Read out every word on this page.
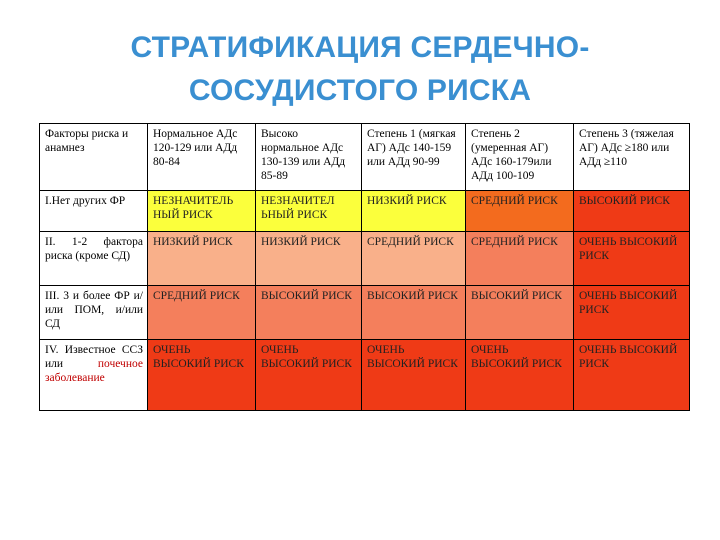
СТРАТИФИКАЦИЯ СЕРДЕЧНО-
СОСУДИСТОГО РИСКА
Факторы риска и анамнез	Нормальное АДс 120-129 или АДд 80-84	Высоко нормальное АДс 130-139 или АДд 85-89	Степень 1 (мягкая АГ) АДс 140-159 или АДд 90-99	Степень 2 (умеренная АГ) АДс 160-179или АДд 100-109	Степень 3 (тяжелая АГ) АДс ≥180 или АДд ≥110
I.Нет других ФР	НЕЗНАЧИТЕЛЬ НЫЙ РИСК	НЕЗНАЧИТЕЛ ЬНЫЙ РИСК	НИЗКИЙ РИСК	СРЕДНИЙ РИСК	ВЫСОКИЙ РИСК
II. 1-2 фактора риска (кроме СД)	НИЗКИЙ РИСК	НИЗКИЙ РИСК	СРЕДНИЙ РИСК	СРЕДНИЙ РИСК	ОЧЕНЬ ВЫСОКИЙ РИСК
III. 3 и более ФР и/или ПОМ, и/или СД	СРЕДНИЙ РИСК	ВЫСОКИЙ РИСК	ВЫСОКИЙ РИСК	ВЫСОКИЙ РИСК	ОЧЕНЬ ВЫСОКИЙ РИСК
IV. Известное ССЗ или почечное заболевание	ОЧЕНЬ ВЫСОКИЙ РИСК	ОЧЕНЬ ВЫСОКИЙ РИСК	ОЧЕНЬ ВЫСОКИЙ РИСК	ОЧЕНЬ ВЫСОКИЙ РИСК	ОЧЕНЬ ВЫСОКИЙ РИСК
